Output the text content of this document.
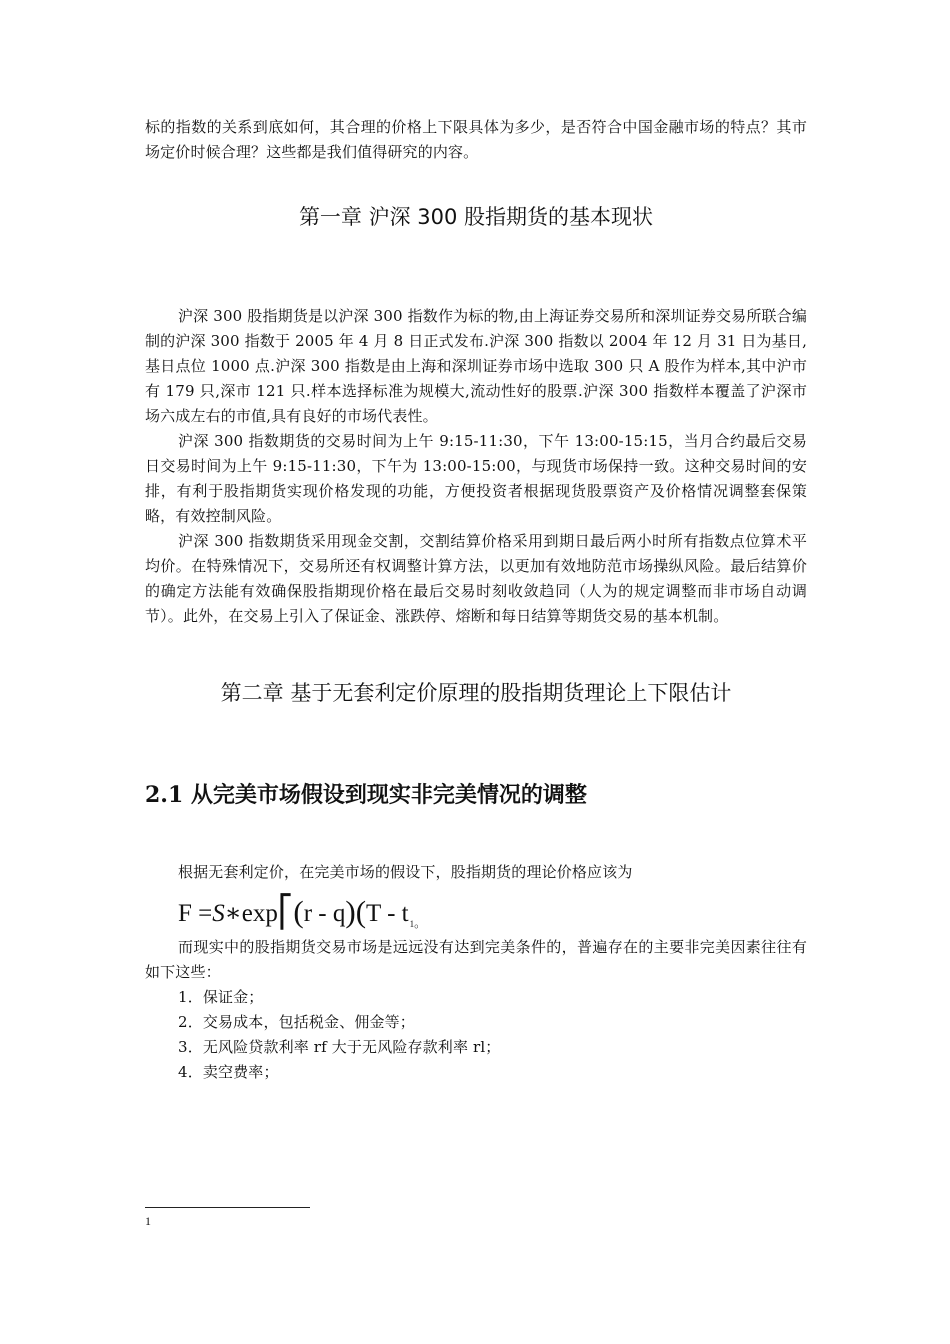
标的指数的关系到底如何，其合理的价格上下限具体为多少，是否符合中国金融市场的特点？其市场定价时候合理？这些都是我们值得研究的内容。

第一章 沪深 300 股指期货的基本现状

沪深 300 股指期货是以沪深 300 指数作为标的物,由上海证券交易所和深圳证券交易所联合编制的沪深 300 指数于 2005 年 4 月 8 日正式发布.沪深 300 指数以 2004 年 12 月 31 日为基日,基日点位 1000 点.沪深 300 指数是由上海和深圳证券市场中选取 300 只 A 股作为样本,其中沪市有 179 只,深市 121 只.样本选择标准为规模大,流动性好的股票.沪深 300 指数样本覆盖了沪深市场六成左右的市值,具有良好的市场代表性。

沪深 300 指数期货的交易时间为上午 9:15-11:30，下午 13:00-15:15，当月合约最后交易日交易时间为上午 9:15-11:30，下午为 13:00-15:00，与现货市场保持一致。这种交易时间的安排，有利于股指期货实现价格发现的功能，方便投资者根据现货股票资产及价格情况调整套保策略，有效控制风险。

沪深 300 指数期货采用现金交割，交割结算价格采用到期日最后两小时所有指数点位算术平均价。在特殊情况下，交易所还有权调整计算方法，以更加有效地防范市场操纵风险。最后结算价的确定方法能有效确保股指期现价格在最后交易时刻收敛趋同（人为的规定调整而非市场自动调节）。此外，在交易上引入了保证金、涨跌停、熔断和每日结算等期货交易的基本机制。

第二章 基于无套利定价原理的股指期货理论上下限估计
2.1 从完美市场假设到现实非完美情况的调整

根据无套利定价，在完美市场的假设下，股指期货的理论价格应该为

F =S∗exp⎡(r - $q)(T - t_{1。}$

而现实中的股指期货交易市场是远远没有达到完美条件的，普遍存在的主要非完美因素往往有如下这些：

1．保证金；

2．交易成本，包括税金、佣金等；

3．无风险贷款利率 rf 大于无风险存款利率 rl；

4．卖空费率；

1
